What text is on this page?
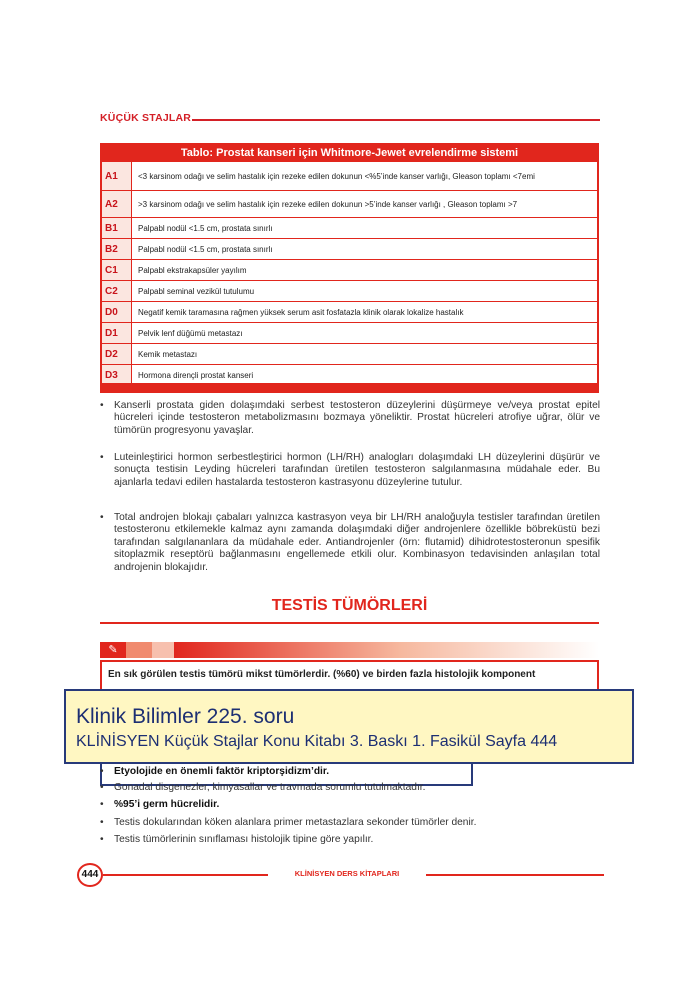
KÜÇÜK STAJLAR
Tablo: Prostat kanseri için Whitmore-Jewet evrelendirme sistemi
A1	<3 karsinom odağı ve selim hastalık için rezeke edilen dokunun <%5’inde kanser varlığı, Gleason toplamı <7emi
A2	>3 karsinom odağı ve selim hastalık için rezeke edilen dokunun >5’inde kanser varlığı , Gleason toplamı >7
B1	Palpabl nodül <1.5 cm, prostata sınırlı
B2	Palpabl nodül <1.5 cm, prostata sınırlı
C1	Palpabl ekstrakapsüler yayılım
C2	Palpabl seminal vezikül tutulumu
D0	Negatif kemik taramasına rağmen yüksek serum asit fosfatazla klinik olarak lokalize hastalık
D1	Pelvik lenf düğümü metastazı
D2	Kemik metastazı
D3	Hormona dirençli prostat kanseri
• Kanserli prostata giden dolaşımdaki serbest testosteron düzeylerini düşürmeye ve/veya prostat epitel hücreleri içinde testosteron metabolizmasını bozmaya yöneliktir. Prostat hücreleri atrofiye uğrar, ölür ve tümörün progresyonu yavaşlar.
• Luteinleştirici hormon serbestleştirici hormon (LH/RH) analogları dolaşımdaki LH düzeylerini düşürür ve sonuçta testisin Leyding hücreleri tarafından üretilen testosteron salgılanmasına müdahale eder. Bu ajanlarla tedavi edilen hastalarda testosteron kastrasyonu düzeylerine tutulur.
• Total androjen blokajı çabaları yalnızca kastrasyon veya bir LH/RH analoğuyla testisler tarafından üretilen testosteronu etkilemekle kalmaz aynı zamanda dolaşımdaki diğer androjenlere özellikle böbreküstü bezi tarafından salgılananlara da müdahale eder. Antiandrojenler (örn: flutamid) dihidrotestosteronun spesifik sitoplazmik reseptörü bağlanmasını engellemede etkili olur. Kombinasyon tedavisinden anlaşılan total androjenin blokajıdır.
TESTİS TÜMÖRLERİ
✎
En sık görülen testis tümörü mikst tümörlerdir. (%60) ve birden fazla histolojik komponent
• Etyolojide en önemli faktör kriptorşidizm’dir.
• Gonadal disgenezler, kimyasallar ve travmada sorumlu tutulmaktadır.
• %95’i germ hücrelidir.
• Testis dokularından köken alanlara primer metastazlara sekonder tümörler denir.
• Testis tümörlerinin sınıflaması histolojik tipine göre yapılır.
Klinik Bilimler 225. soru
KLİNİSYEN Küçük Stajlar Konu Kitabı 3. Baskı 1. Fasikül Sayfa 444
444	KLİNİSYEN DERS KİTAPLARI
